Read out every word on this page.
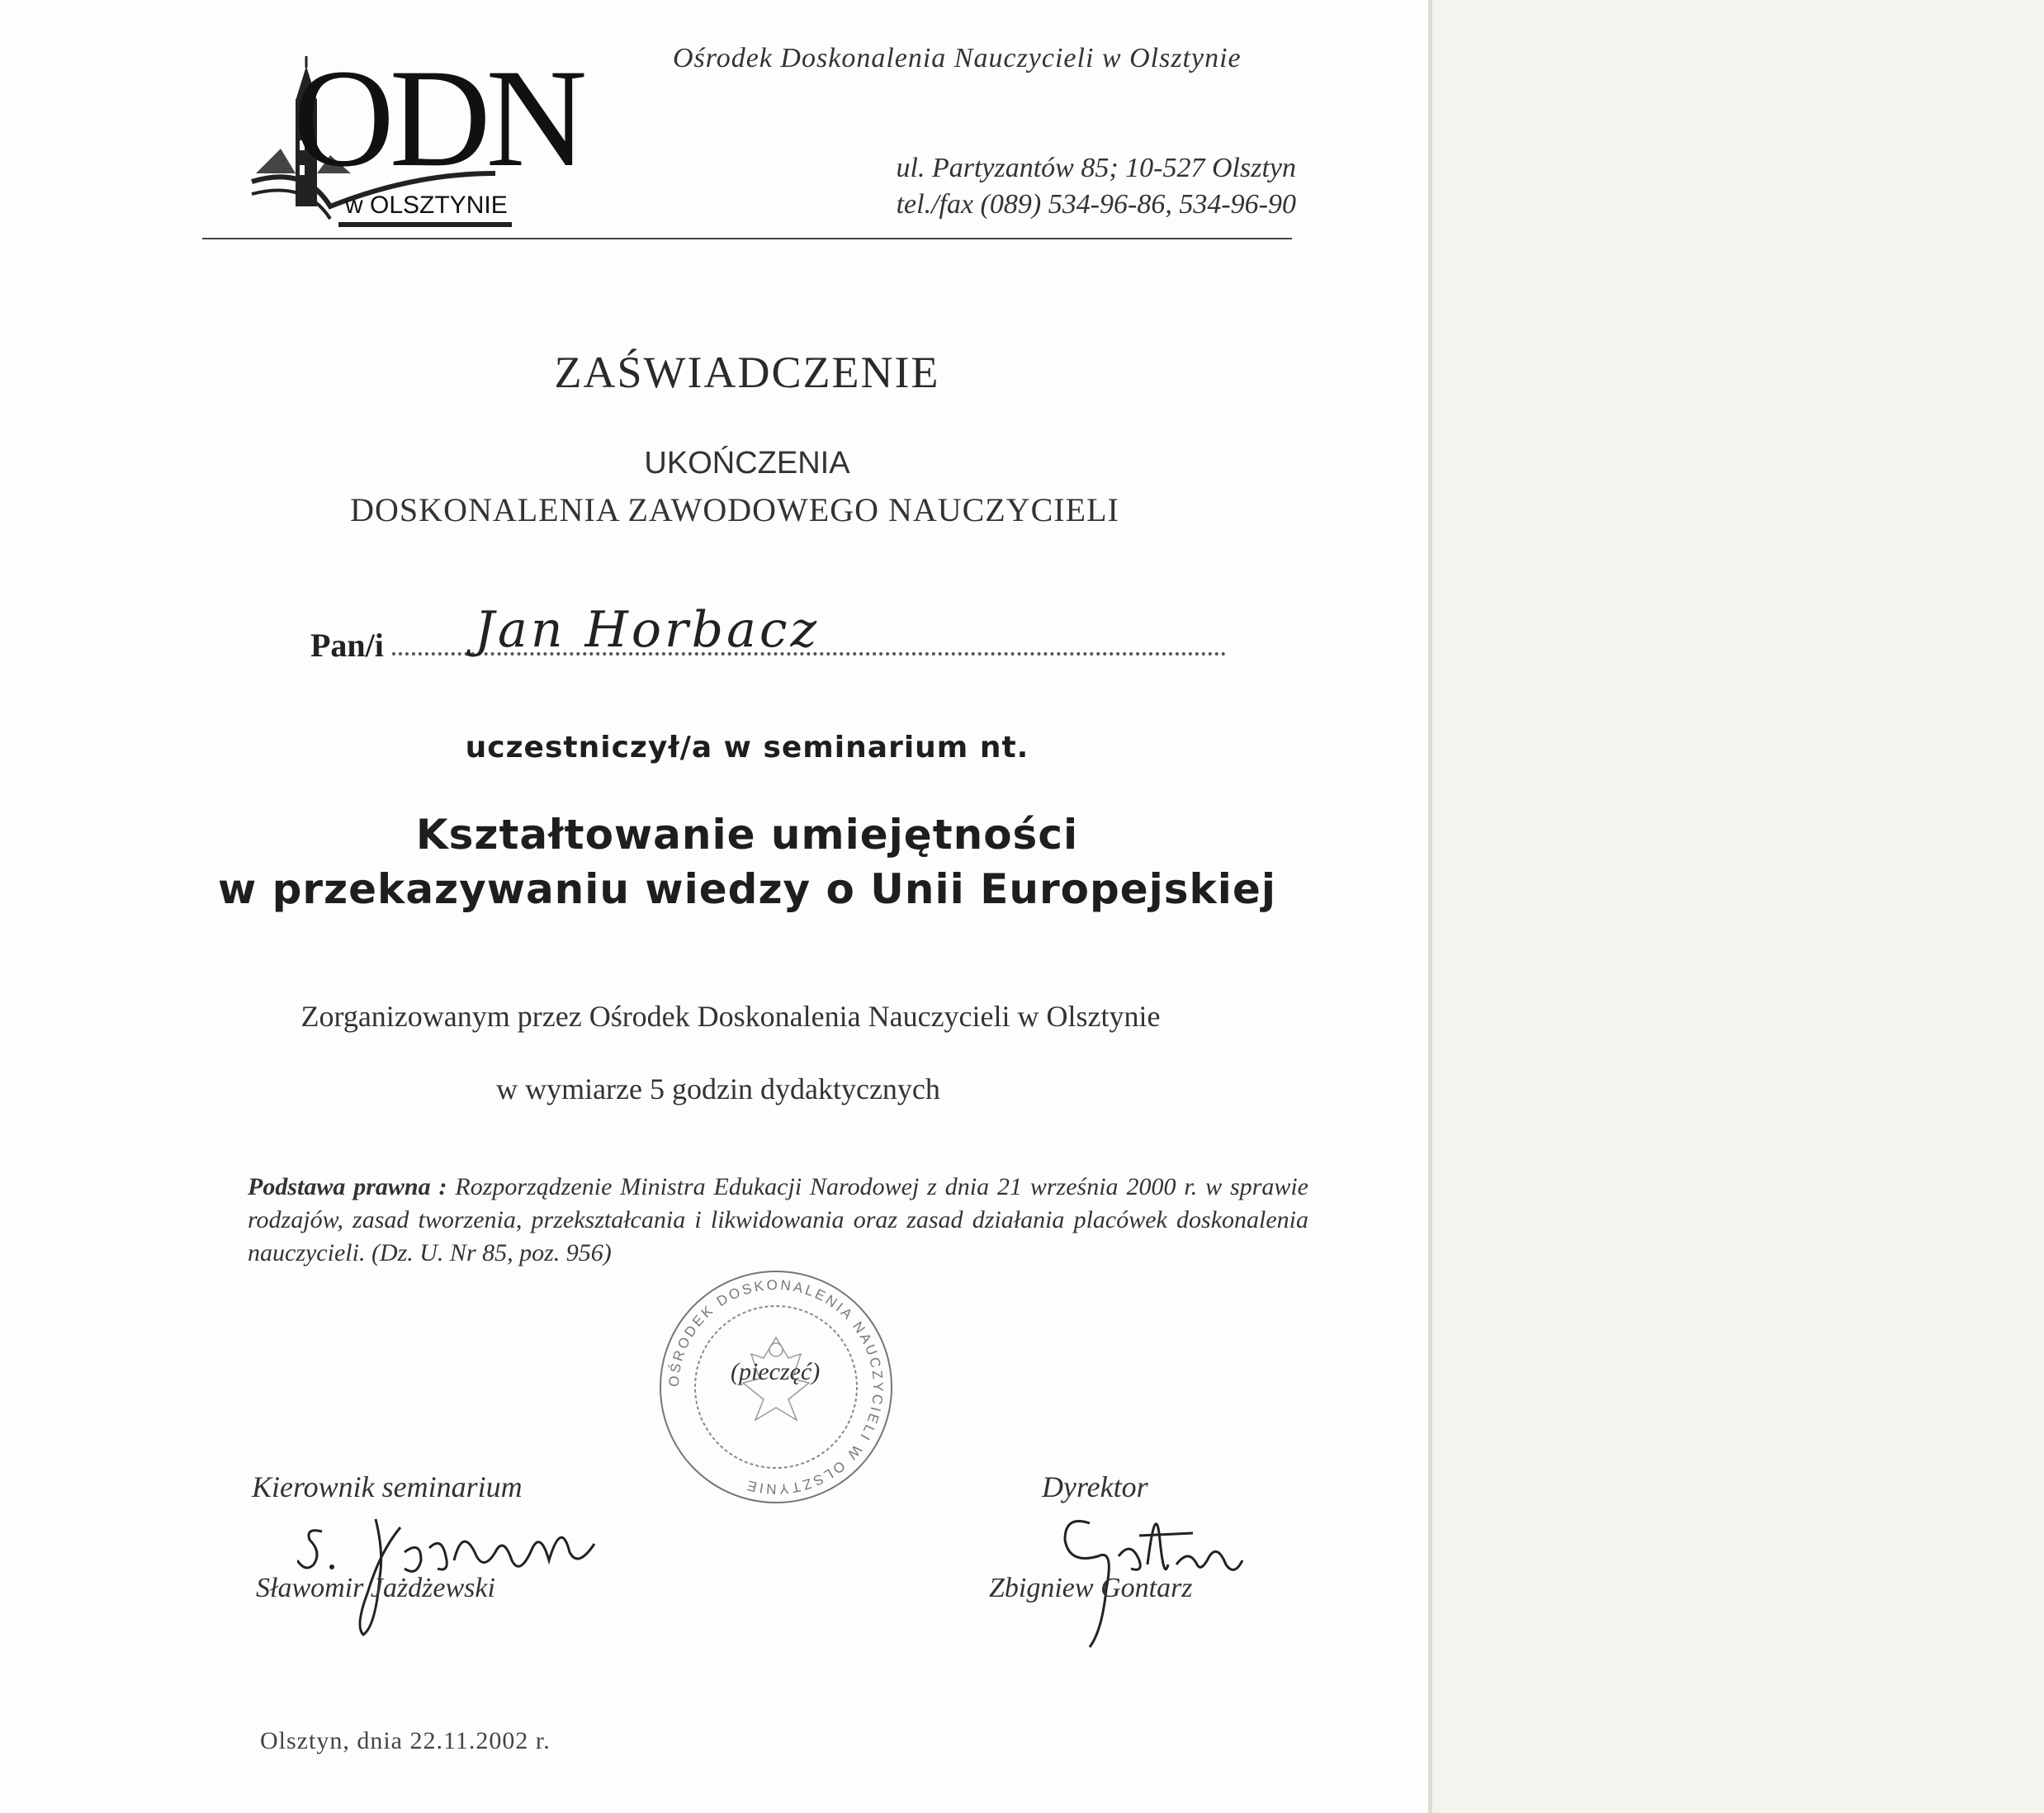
ODN
w OLSZTYNIE
Ośrodek Doskonalenia Nauczycieli w Olsztynie
ul. Partyzantów 85; 10-527 Olsztyn
tel./fax (089) 534-96-86, 534-96-90
ZAŚWIADCZENIE
UKOŃCZENIA
DOSKONALENIA ZAWODOWEGO NAUCZYCIELI
Pan/i Jan Horbacz
uczestniczył/a w seminarium nt.
Kształtowanie umiejętności
w przekazywaniu wiedzy o Unii Europejskiej
Zorganizowanym przez Ośrodek Doskonalenia Nauczycieli w Olsztynie
w wymiarze 5 godzin dydaktycznych
Podstawa prawna : Rozporządzenie Ministra Edukacji Narodowej z dnia 21 września 2000 r. w sprawie rodzajów, zasad tworzenia, przekształcania i likwidowania oraz zasad działania placówek doskonalenia nauczycieli. (Dz. U. Nr 85, poz. 956)
OŚRODEK DOSKONALENIA NAUCZYCIELI W OLSZTYNIE
(pieczęć)
Kierownik seminarium
Sławomir Jażdżewski
Dyrektor
Zbigniew Gontarz
Olsztyn, dnia 22.11.2002 r.
